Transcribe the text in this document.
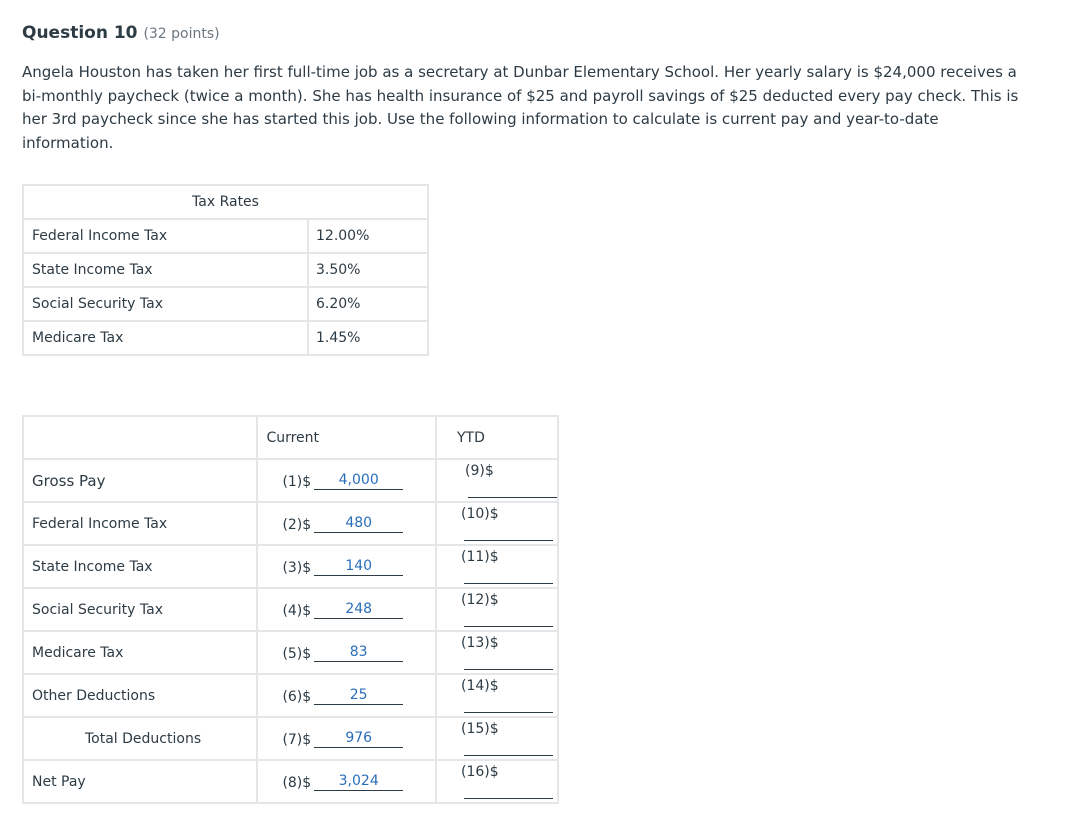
Question 10 (32 points)
Angela Houston has taken her first full-time job as a secretary at Dunbar Elementary School. Her yearly salary is $24,000 receives a bi-monthly paycheck (twice a month). She has health insurance of $25 and payroll savings of $25 deducted every pay check. This is her 3rd paycheck since she has started this job. Use the following information to calculate is current pay and year-to-date information.
Tax Rates	
Federal Income Tax	12.00%
State Income Tax	3.50%
Social Security Tax	6.20%
Medicare Tax	1.45%
	Current	YTD
Gross Pay	(1)$ 4,000	(9)$
Federal Income Tax	(2)$ 480	(10)$
State Income Tax	(3)$ 140	(11)$
Social Security Tax	(4)$ 248	(12)$
Medicare Tax	(5)$ 83	(13)$
Other Deductions	(6)$ 25	(14)$
Total Deductions	(7)$ 976	(15)$
Net Pay	(8)$ 3,024	(16)$
